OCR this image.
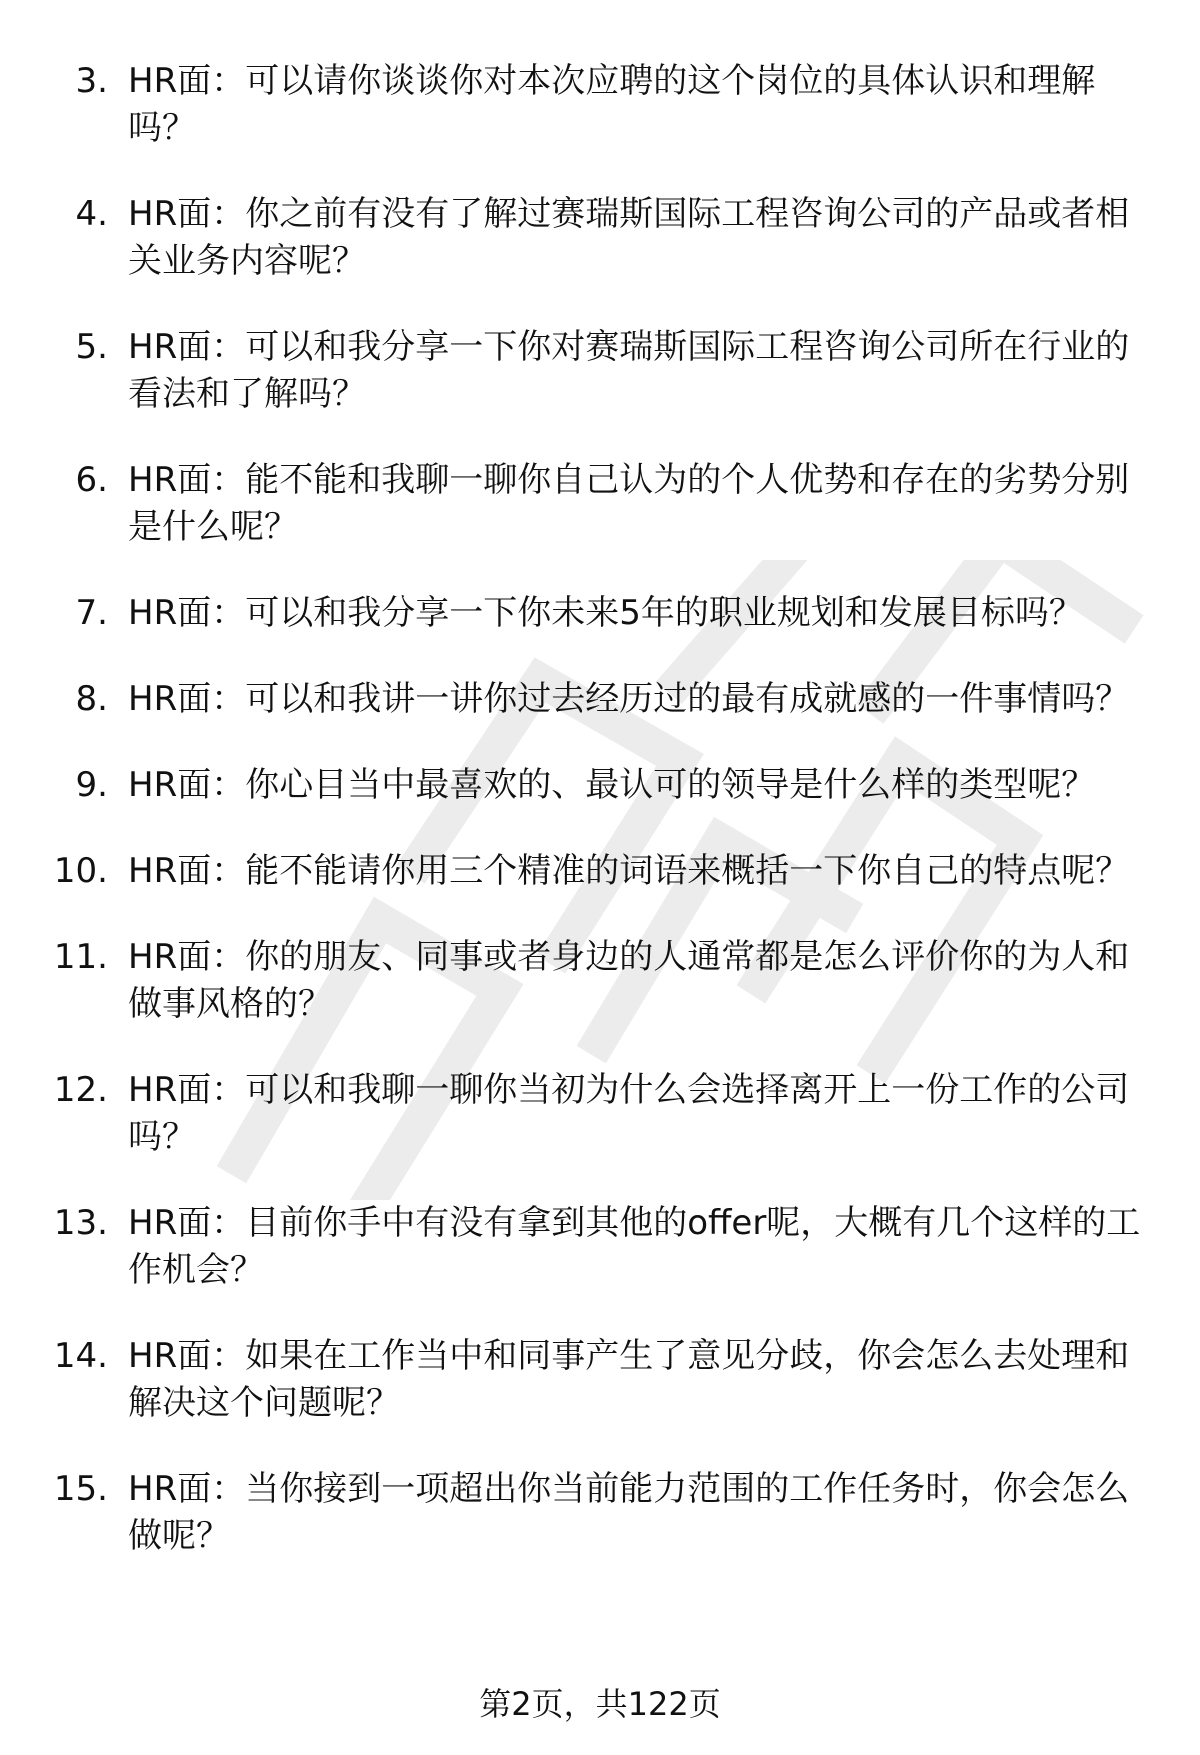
3. HR面：可以请你谈谈你对本次应聘的这个岗位的具体认识和理解吗？
4. HR面：你之前有没有了解过赛瑞斯国际工程咨询公司的产品或者相关业务内容呢？
5. HR面：可以和我分享一下你对赛瑞斯国际工程咨询公司所在行业的看法和了解吗？
6. HR面：能不能和我聊一聊你自己认为的个人优势和存在的劣势分别是什么呢？
7. HR面：可以和我分享一下你未来5年的职业规划和发展目标吗？
8. HR面：可以和我讲一讲你过去经历过的最有成就感的一件事情吗？
9. HR面：你心目当中最喜欢的、最认可的领导是什么样的类型呢？
10. HR面：能不能请你用三个精准的词语来概括一下你自己的特点呢？
11. HR面：你的朋友、同事或者身边的人通常都是怎么评价你的为人和做事风格的？
12. HR面：可以和我聊一聊你当初为什么会选择离开上一份工作的公司吗？
13. HR面：目前你手中有没有拿到其他的offer呢，大概有几个这样的工作机会？
14. HR面：如果在工作当中和同事产生了意见分歧，你会怎么去处理和解决这个问题呢？
15. HR面：当你接到一项超出你当前能力范围的工作任务时，你会怎么做呢？
第2页，共122页
